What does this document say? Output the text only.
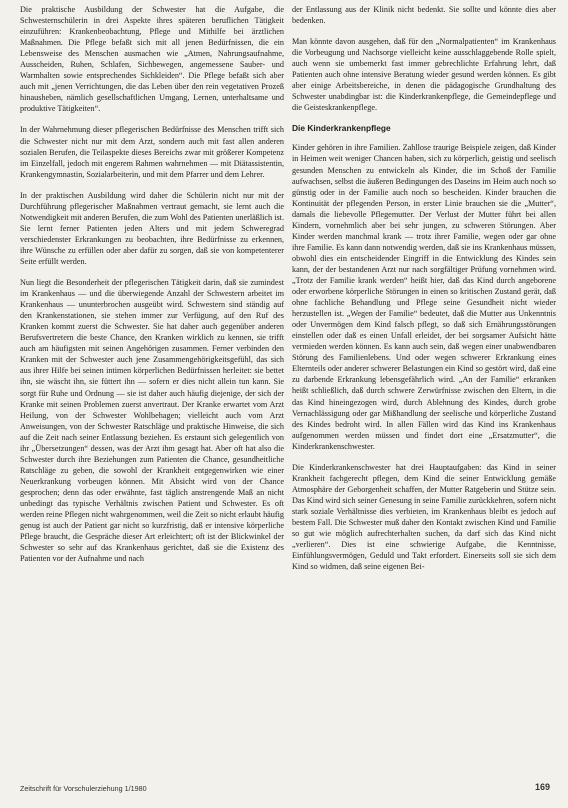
Die praktische Ausbildung der Schwester hat die Aufgabe, die Schwesternschülerin in drei Aspekte ihres späteren beruflichen Tätigkeit einzuführen: Krankenbeobachtung, Pflege und Mithilfe bei ärztlichen Maßnahmen. Die Pflege befaßt sich mit all jenen Bedürfnissen, die ein Lebensweise des Menschen ausmachen wie „Atmen, Nahrungsaufnahme, Ausscheiden, Ruhen, Schlafen, Sichbewegen, angemessene Sauber- und Warmhalten sowie entsprechendes Sichkleiden“. Die Pflege befaßt sich aber auch mit „jenen Verrichtungen, die das Leben über den rein vegetativen Prozeß hinausheben, nämlich gesellschaftlichen Umgang, Lernen, unterhaltsame und produktive Tätigkeiten“.

In der Wahrnehmung dieser pflegerischen Bedürfnisse des Menschen trifft sich die Schwester nicht nur mit dem Arzt, sondern auch mit fast allen anderen sozialen Berufen, die Teilaspekte dieses Bereichs zwar mit größerer Kompetenz im Einzelfall, jedoch mit engerem Rahmen wahrnehmen — mit Diätassistentin, Krankengymnastin, Sozialarbeiterin, und mit dem Pfarrer und dem Lehrer.

In der praktischen Ausbildung wird daher die Schülerin nicht nur mit der Durchführung pflegerischer Maßnahmen vertraut gemacht, sie lernt auch die Notwendigkeit mit anderen Berufen, die zum Wohl des Patienten unerläßlich ist. Sie lernt ferner Patienten jeden Alters und mit jedem Schweregrad verschiedenster Erkrankungen zu beobachten, ihre Bedürfnisse zu erkennen, ihre Wünsche zu erfüllen oder aber dafür zu sorgen, daß sie von kompetenterer Seite erfüllt werden.

Nun liegt die Besonderheit der pflegerischen Tätigkeit darin, daß sie zumindest im Krankenhaus — und die überwiegende Anzahl der Schwestern arbeitet im Krankenhaus — ununterbrochen ausgeübt wird. Schwestern sind ständig auf den Krankenstationen, sie stehen immer zur Verfügung, auf den Ruf des Kranken kommt zuerst die Schwester. Sie hat daher auch gegenüber anderen Berufsvertretern die beste Chance, den Kranken wirklich zu kennen, sie trifft auch am häufigsten mit seinen Angehörigen zusammen. Ferner verbinden den Kranken mit der Schwester auch jene Zusammengehörigkeitsgefühl, das sich aus ihrer Hilfe bei seinen intimen körperlichen Bedürfnissen herleitet: sie bettet ihn, sie wäscht ihn, sie füttert ihn — sofern er dies nicht allein tun kann. Sie sorgt für Ruhe und Ordnung — sie ist daher auch häufig diejenige, der sich der Kranke mit seinen Problemen zuerst anvertraut. Der Kranke erwartet vom Arzt Heilung, von der Schwester Wohlbehagen; vielleicht auch vom Arzt Anweisungen, von der Schwester Ratschläge und praktische Hinweise, die sich auf die Zeit nach seiner Entlassung beziehen. Es erstaunt sich gelegentlich von ihr „Übersetzungen“ dessen, was der Arzt ihm gesagt hat. Aber oft hat also die Schwester durch ihre Beziehungen zum Patienten die Chance, gesundheitliche Ratschläge zu geben, die sowohl der Krankheit entgegenwirken wie einer Neuerkrankung vorbeugen können. Mit Absicht wird von der Chance gesprochen; denn das oder erwähnte, fast täglich anstrengende Maß an nicht unbedingt das typische Verhältnis zwischen Patient und Schwester. Es oft werden reine Pflegen nicht wahrgenommen, weil die Zeit so nicht erlaubt häufig genug ist auch der Patient gar nicht so kurzfristig, daß er intensive körperliche Pflege braucht, die Gespräche dieser Art erleichtert; oft ist der Blickwinkel der Schwester so sehr auf das Krankenhaus gerichtet, daß sie die Existenz des Patienten vor der Aufnahme und nach

der Entlassung aus der Klinik nicht bedenkt. Sie sollte und könnte dies aber bedenken.

Man könnte davon ausgehen, daß für den „Normalpatienten“ im Krankenhaus die Vorbeugung und Nachsorge vielleicht keine ausschlaggebende Rolle spielt, auch wenn sie umbemerkt fast immer gebrechlichte Erfahrung lehrt, daß Patienten auch ohne intensive Beratung wieder gesund werden können. Es gibt aber einige Arbeitsbereiche, in denen die pädagogische Grundhaltung des Schwester unabdingbar ist: die Kinderkrankenpflege, die Gemeindepflege und die Geisteskrankenpflege.

Die Kinderkrankenpflege

Kinder gehören in ihre Familien. Zahllose traurige Beispiele zeigen, daß Kinder in Heimen weit weniger Chancen haben, sich zu körperlich, geistig und seelisch gesunden Menschen zu entwickeln als Kinder, die im Schoß der Familie aufwachsen, selbst die äußeren Bedingungen des Daseins im Heim auch noch so günstig oder in der Familie auch noch so bescheiden. Kinder brauchen die Kontinuität der pflegenden Person, in erster Linie brauchen sie die „Mutter“, damals die liebevolle Pflegemutter. Der Verlust der Mutter führt bei allen Kindern, vornehmlich aber bei sehr jungen, zu schweren Störungen. Aber Kinder werden manchmal krank — trotz ihrer Familie, wegen oder gar ohne ihre Familie. Es kann dann notwendig werden, daß sie ins Krankenhaus müssen, obwohl dies ein entscheidender Eingriff in die Entwicklung des Kindes sein kann, der der bestandenen Arzt nur nach sorgfältiger Prüfung vornehmen wird. „Trotz der Familie krank werden“ heißt hier, daß das Kind durch angeborene oder erworbene körperliche Störungen in einen so kritischen Zustand gerät, daß ohne fachliche Behandlung und Pflege seine Gesundheit nicht wieder herzustellen ist. „Wegen der Familie“ bedeutet, daß die Mutter aus Unkenntnis oder Unvermögen dem Kind falsch pflegt, so daß sich Ernährungsstörungen einstellen oder daß es einen Unfall erleidet, der bei sorgsamer Aufsicht hätte vermieden werden können. Es kann auch sein, daß wegen einer unabwendbaren Störung des Familienlebens. Und oder wegen schwerer Erkrankung eines Elternteils oder anderer schwerer Belastungen ein Kind so gestört wird, daß eine zu darbende Erkrankung lebensgefährlich wird. „An der Familie“ erkranken heißt schließlich, daß durch schwere Zerwürfnisse zwischen den Eltern, in die das Kind hineingezogen wird, durch Ablehnung des Kindes, durch grobe Vernachlässigung oder gar Mißhandlung der seelische und körperliche Zustand des Kindes bedroht wird. In allen Fällen wird das Kind ins Krankenhaus aufgenommen werden müssen und findet dort eine „Ersatzmutter“, die Kinderkrankenschwester.

Die Kinderkrankenschwester hat drei Hauptaufgaben: das Kind in seiner Krankheit fachgerecht pflegen, dem Kind die seiner Entwicklung gemäße Atmosphäre der Geborgenheit schaffen, der Mutter Ratgeberin und Stütze sein. Das Kind wird sich seiner Genesung in seine Familie zurückkehren, sofern nicht stark soziale Verhältnisse dies verbieten, im Krankenhaus bleibt es jedoch auf bestem Fall. Die Schwester muß daher den Kontakt zwischen Kind und Familie so gut wie möglich aufrechterhalten suchen, da darf sich das Kind nicht „verlieren“. Dies ist eine schwierige Aufgabe, die Kenntnisse, Einfühlungsvermögen, Geduld und Takt erfordert. Einerseits soll sie sich dem Kind so widmen, daß seine eigenen Bei-

Zeitschrift für Vorschulerziehung 1/1980	169
